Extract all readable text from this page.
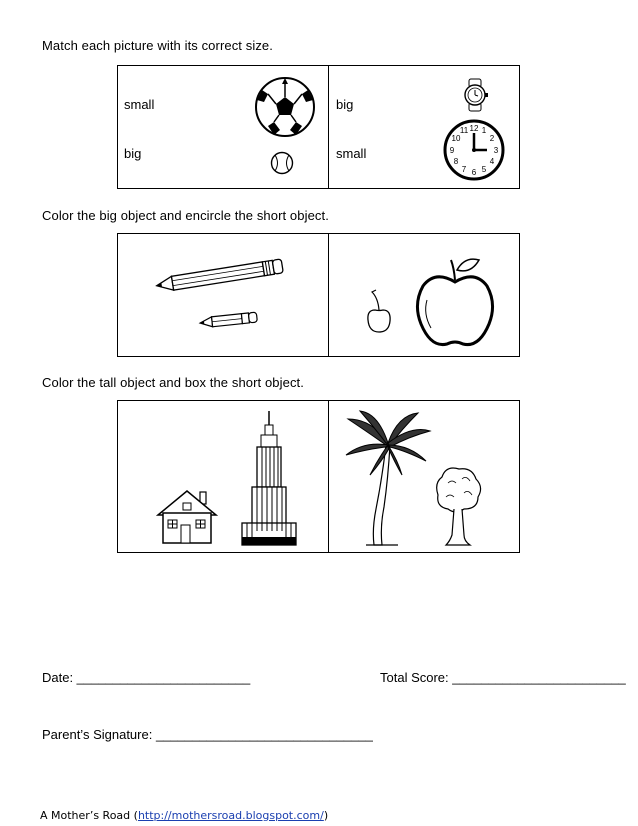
Match each picture with its correct size.
small
big
big
small
12 1
2
3
4
5
6
7
8
9
10
11
Color the big object and encircle the short object.
Color the tall object and box the short object.
Date: ________________________	Total Score: ________________________
Parent’s Signature: ______________________________
A Mother’s Road (http://mothersroad.blogspot.com/)
